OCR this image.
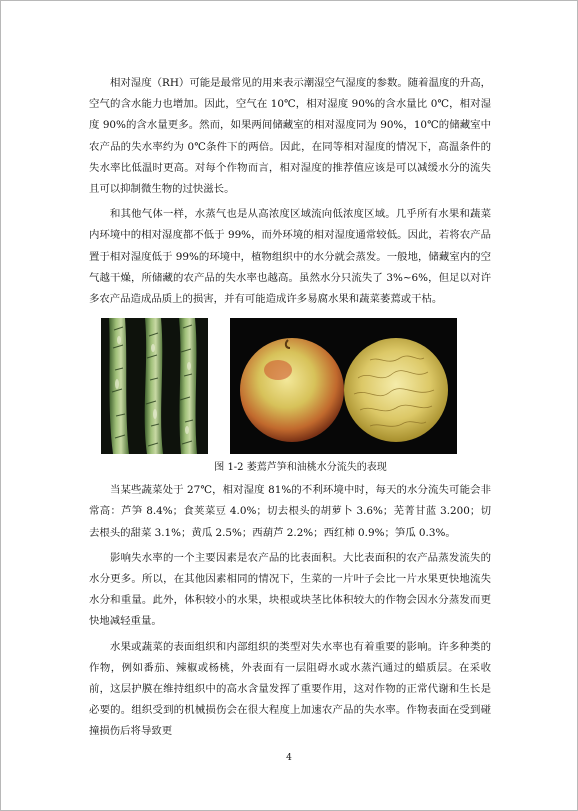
相对湿度（RH）可能是最常见的用来表示潮湿空气湿度的参数。随着温度的升高，空气的含水能力也增加。因此，空气在 10℃，相对湿度 90%的含水量比 0℃，相对湿度 90%的含水量更多。然而，如果两间储藏室的相对湿度同为 90%，10℃的储藏室中农产品的失水率约为 0℃条件下的两倍。因此，在同等相对湿度的情况下，高温条件的失水率比低温时更高。对每个作物而言，相对湿度的推荐值应该是可以减缓水分的流失且可以抑制微生物的过快滋长。

和其他气体一样，水蒸气也是从高浓度区域流向低浓度区域。几乎所有水果和蔬菜内环境中的相对湿度都不低于 99%，而外环境的相对湿度通常较低。因此，若将农产品置于相对湿度低于 99%的环境中，植物组织中的水分就会蒸发。一般地，储藏室内的空气越干燥，所储藏的农产品的失水率也越高。虽然水分只流失了 3%~6%，但足以对许多农产品造成品质上的损害，并有可能造成许多易腐水果和蔬菜萎蔫或干枯。

图 1-2 萎蔫芦笋和油桃水分流失的表现

当某些蔬菜处于 27℃，相对湿度 81%的不利环境中时，每天的水分流失可能会非常高：芦笋 8.4%；食荚菜豆 4.0%；切去根头的胡萝卜 3.6%；芜菁甘蓝 3.200；切去根头的甜菜 3.1%；黄瓜 2.5%；西葫芦 2.2%；西红柿 0.9%；笋瓜 0.3%。

影响失水率的一个主要因素是农产品的比表面积。大比表面积的农产品蒸发流失的水分更多。所以，在其他因素相同的情况下，生菜的一片叶子会比一片水果更快地流失水分和重量。此外，体积较小的水果，块根或块茎比体积较大的作物会因水分蒸发而更快地减轻重量。

水果或蔬菜的表面组织和内部组织的类型对失水率也有着重要的影响。许多种类的作物，例如番茄、辣椒或杨桃，外表面有一层阻碍水或水蒸汽通过的蜡质层。在采收前，这层护膜在维持组织中的高水含量发挥了重要作用，这对作物的正常代谢和生长是必要的。组织受到的机械损伤会在很大程度上加速农产品的失水率。作物表面在受到碰撞损伤后将导致更

4
